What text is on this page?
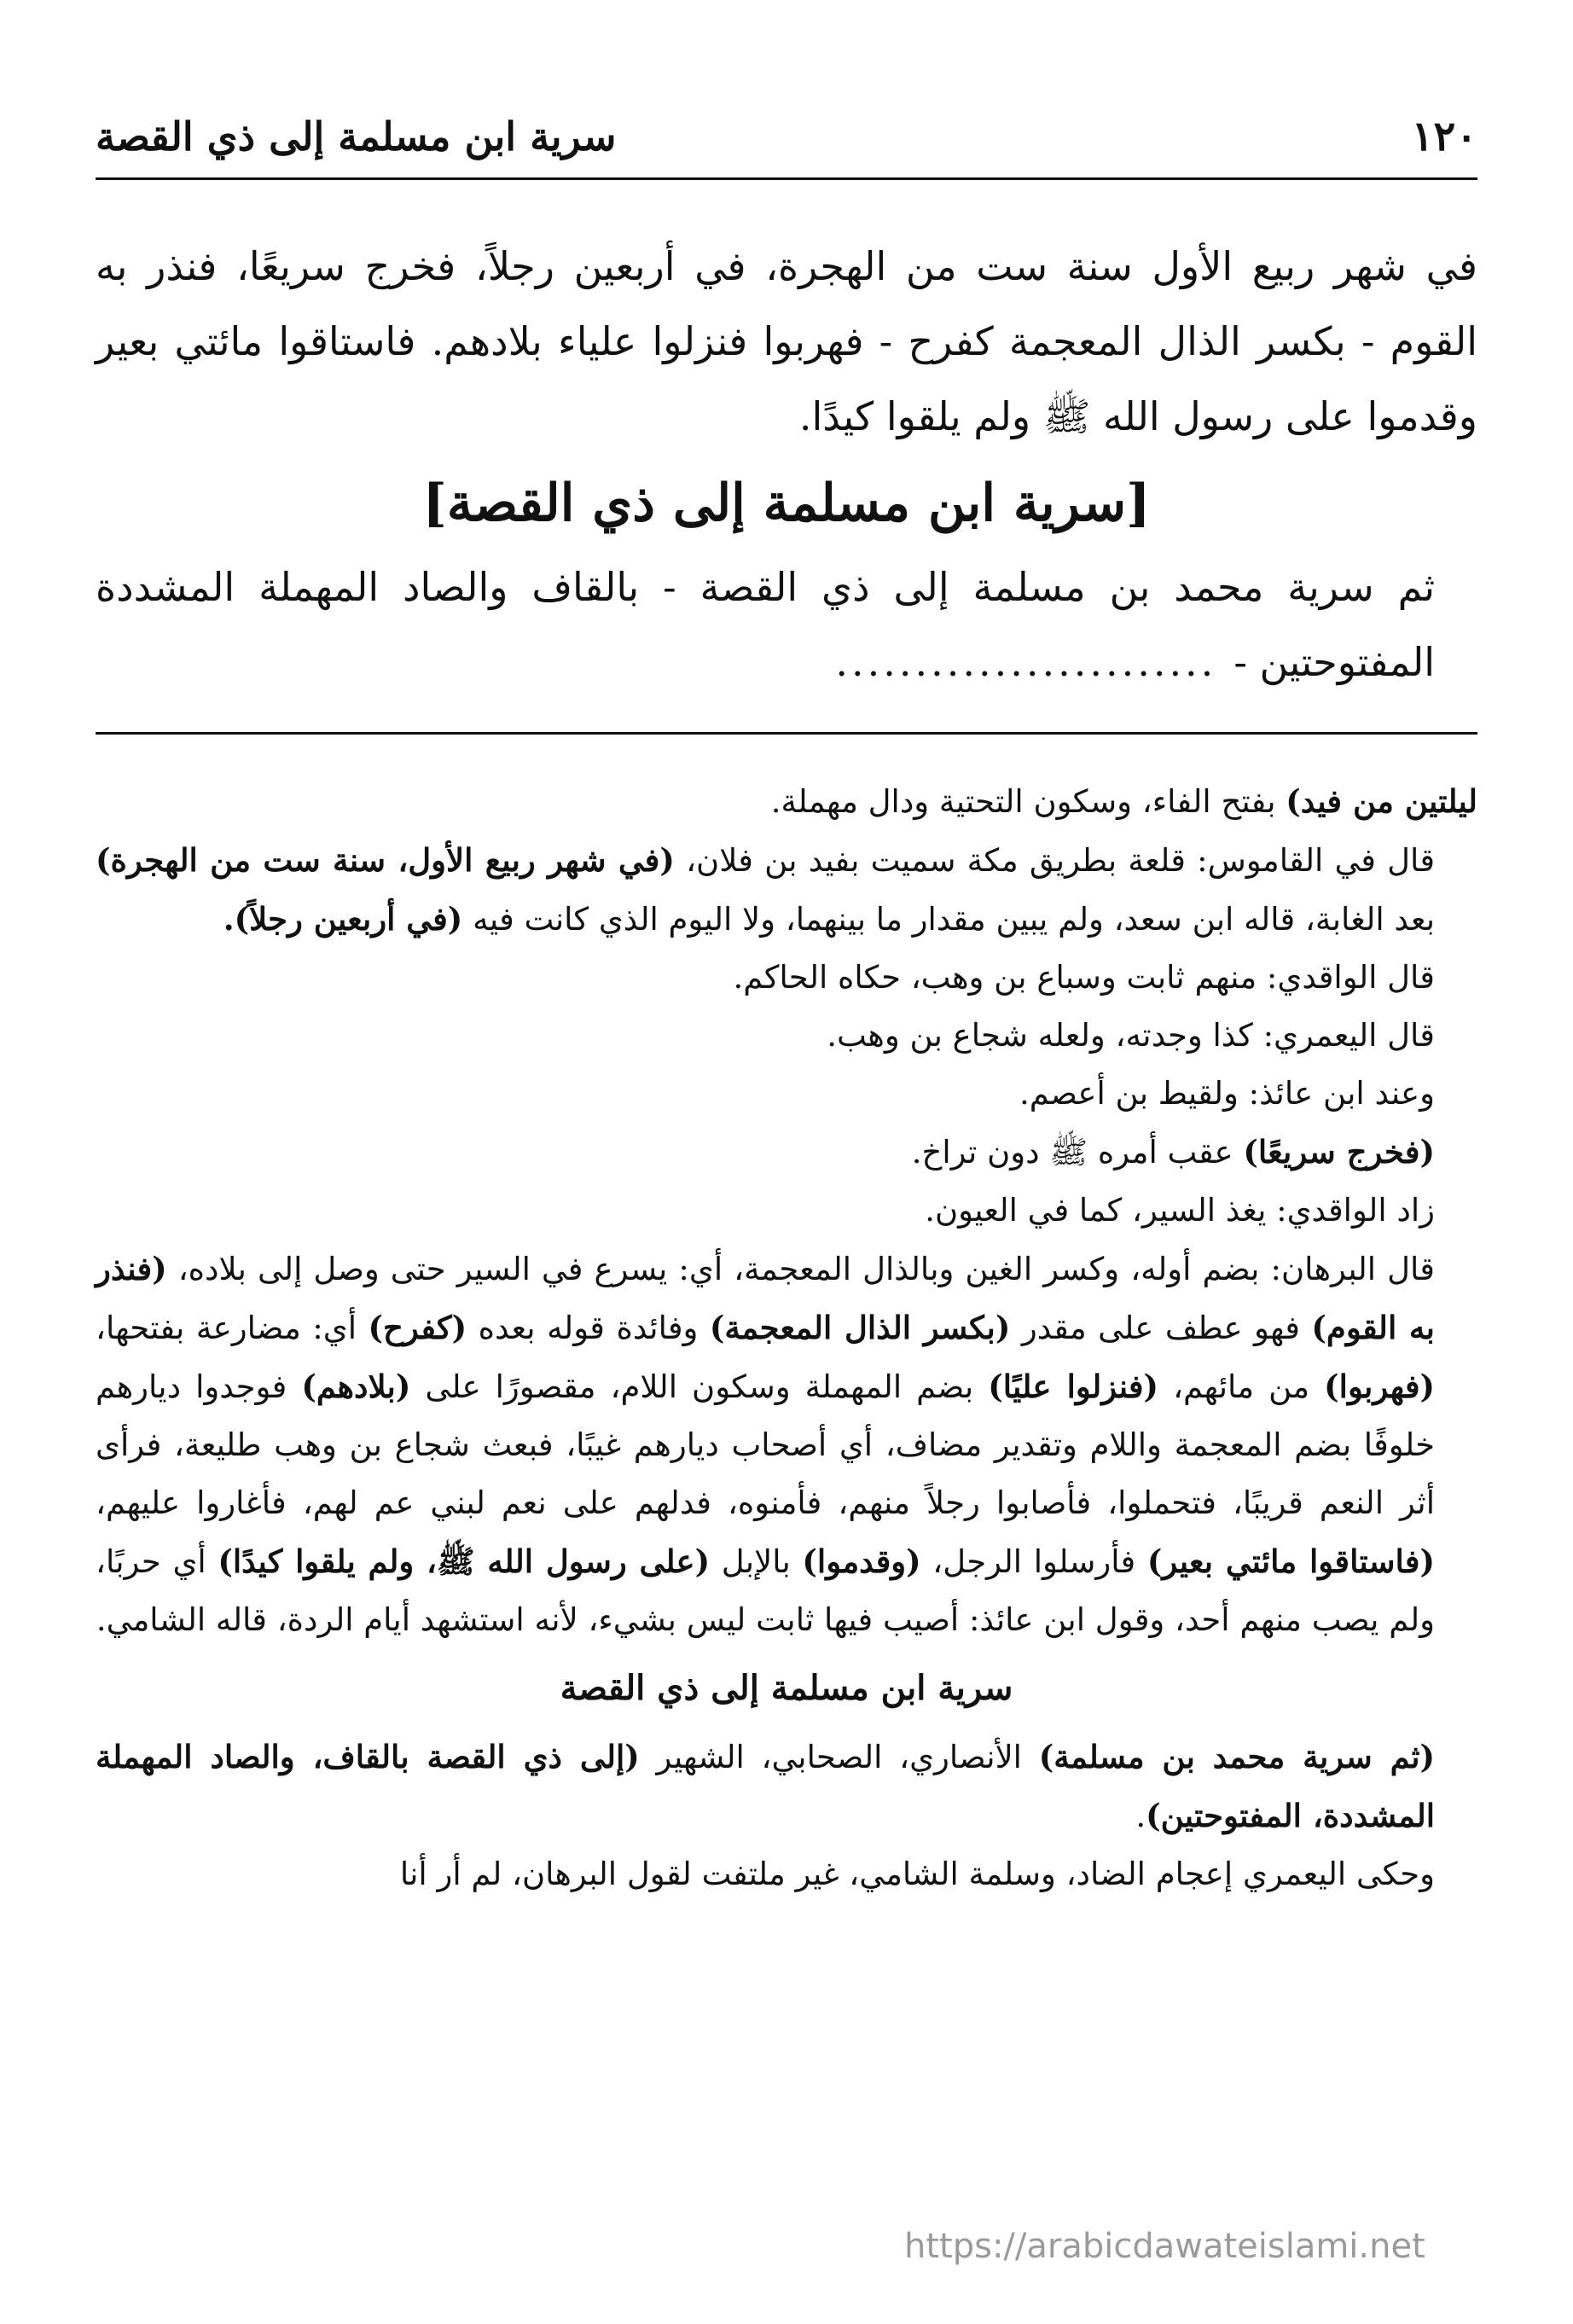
١٢٠
سرية ابن مسلمة إلى ذي القصة

في شهر ربيع الأول سنة ست من الهجرة، في أربعين رجلاً، فخرج سريعًا، فنذر به القوم - بكسر الذال المعجمة كفرح - فهربوا فنزلوا علياء بلادهم. فاستاقوا مائتي بعير وقدموا على رسول الله ﷺ ولم يلقوا كيدًا.

[سرية ابن مسلمة إلى ذي القصة]

ثم سرية محمد بن مسلمة إلى ذي القصة - بالقاف والصاد المهملة المشددة المفتوحتين -........................

ليلتين من فيد) بفتح الفاء، وسكون التحتية ودال مهملة.

قال في القاموس: قلعة بطريق مكة سميت بفيد بن فلان، (في شهر ربيع الأول، سنة ست من الهجرة) بعد الغابة، قاله ابن سعد، ولم يبين مقدار ما بينهما، ولا اليوم الذي كانت فيه (في أربعين رجلاً).

قال الواقدي: منهم ثابت وسباع بن وهب، حكاه الحاكم.

قال اليعمري: كذا وجدته، ولعله شجاع بن وهب.

وعند ابن عائذ: ولقيط بن أعصم.

(فخرج سريعًا) عقب أمره ﷺ دون تراخ.

زاد الواقدي: يغذ السير، كما في العيون.

قال البرهان: بضم أوله، وكسر الغين وبالذال المعجمة، أي: يسرع في السير حتى وصل إلى بلاده، (فنذر به القوم) فهو عطف على مقدر (بكسر الذال المعجمة) وفائدة قوله بعده (كفرح) أي: مضارعة بفتحها، (فهربوا) من مائهم، (فنزلوا عليًا) بضم المهملة وسكون اللام، مقصورًا على (بلادهم) فوجدوا ديارهم خلوفًا بضم المعجمة واللام وتقدير مضاف، أي أصحاب ديارهم غيبًا، فبعث شجاع بن وهب طليعة، فرأى أثر النعم قريبًا، فتحملوا، فأصابوا رجلاً منهم، فأمنوه، فدلهم على نعم لبني عم لهم، فأغاروا عليهم، (فاستاقوا مائتي بعير) فأرسلوا الرجل، (وقدموا) بالإبل (على رسول الله ﷺ، ولم يلقوا كيدًا) أي حربًا، ولم يصب منهم أحد، وقول ابن عائذ: أصيب فيها ثابت ليس بشيء، لأنه استشهد أيام الردة، قاله الشامي.

سرية ابن مسلمة إلى ذي القصة

(ثم سرية محمد بن مسلمة) الأنصاري، الصحابي، الشهير (إلى ذي القصة بالقاف، والصاد المهملة المشددة، المفتوحتين).

وحكى اليعمري إعجام الضاد، وسلمة الشامي، غير ملتفت لقول البرهان، لم أر أنا

https://arabicdawateislami.net
